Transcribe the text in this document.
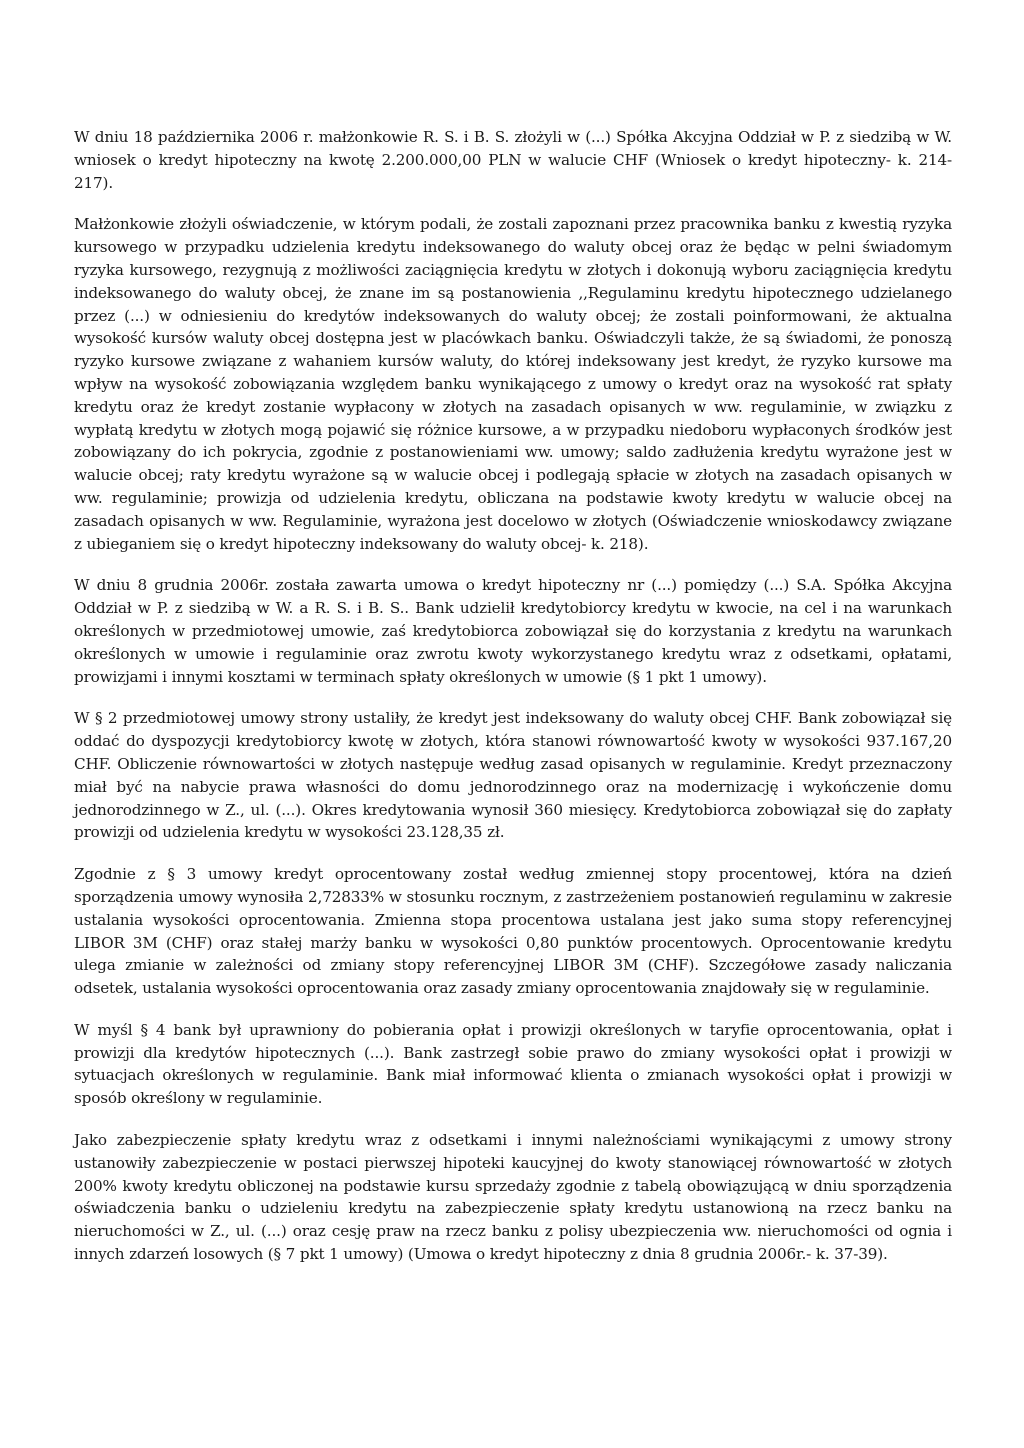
W dniu 18 października 2006 r. małżonkowie R. S. i B. S. złożyli w (...) Spółka Akcyjna Oddział w P. z siedzibą w W. wniosek o kredyt hipoteczny na kwotę 2.200.000,00 PLN w walucie CHF (Wniosek o kredyt hipoteczny- k. 214- 217).

Małżonkowie złożyli oświadczenie, w którym podali, że zostali zapoznani przez pracownika banku z kwestią ryzyka kursowego w przypadku udzielenia kredytu indeksowanego do waluty obcej oraz że będąc w pelni świadomym ryzyka kursowego, rezygnują z możliwości zaciągnięcia kredytu w złotych i dokonują wyboru zaciągnięcia kredytu indeksowanego do waluty obcej, że znane im są postanowienia ,,Regulaminu kredytu hipotecznego udzielanego przez (...) w odniesieniu do kredytów indeksowanych do waluty obcej; że zostali poinformowani, że aktualna wysokość kursów waluty obcej dostępna jest w placówkach banku. Oświadczyli także, że są świadomi, że ponoszą ryzyko kursowe związane z wahaniem kursów waluty, do której indeksowany jest kredyt, że ryzyko kursowe ma wpływ na wysokość zobowiązania względem banku wynikającego z umowy o kredyt oraz na wysokość rat spłaty kredytu oraz że kredyt zostanie wypłacony w złotych na zasadach opisanych w ww. regulaminie, w związku z wypłatą kredytu w złotych mogą pojawić się różnice kursowe, a w przypadku niedoboru wypłaconych środków jest zobowiązany do ich pokrycia, zgodnie z postanowieniami ww. umowy; saldo zadłużenia kredytu wyrażone jest w walucie obcej; raty kredytu wyrażone są w walucie obcej i podlegają spłacie w złotych na zasadach opisanych w ww. regulaminie; prowizja od udzielenia kredytu, obliczana na podstawie kwoty kredytu w walucie obcej na zasadach opisanych w ww. Regulaminie, wyrażona jest docelowo w złotych (Oświadczenie wnioskodawcy związane z ubieganiem się o kredyt hipoteczny indeksowany do waluty obcej- k. 218).

W dniu 8 grudnia 2006r. została zawarta umowa o kredyt hipoteczny nr (...) pomiędzy (...) S.A. Spółka Akcyjna Oddział w P. z siedzibą w W. a R. S. i B. S.. Bank udzielił kredytobiorcy kredytu w kwocie, na cel i na warunkach określonych w przedmiotowej umowie, zaś kredytobiorca zobowiązał się do korzystania z kredytu na warunkach określonych w umowie i regulaminie oraz zwrotu kwoty wykorzystanego kredytu wraz z odsetkami, opłatami, prowizjami i innymi kosztami w terminach spłaty określonych w umowie (§ 1 pkt 1 umowy).

W § 2 przedmiotowej umowy strony ustaliły, że kredyt jest indeksowany do waluty obcej CHF. Bank zobowiązał się oddać do dyspozycji kredytobiorcy kwotę w złotych, która stanowi równowartość kwoty w wysokości 937.167,20 CHF. Obliczenie równowartości w złotych następuje według zasad opisanych w regulaminie. Kredyt przeznaczony miał być na nabycie prawa własności do domu jednorodzinnego oraz na modernizację i wykończenie domu jednorodzinnego w Z., ul. (...). Okres kredytowania wynosił 360 miesięcy. Kredytobiorca zobowiązał się do zapłaty prowizji od udzielenia kredytu w wysokości 23.128,35 zł.

Zgodnie z § 3 umowy kredyt oprocentowany został według zmiennej stopy procentowej, która na dzień sporządzenia umowy wynosiła 2,72833% w stosunku rocznym, z zastrzeżeniem postanowień regulaminu w zakresie ustalania wysokości oprocentowania. Zmienna stopa procentowa ustalana jest jako suma stopy referencyjnej LIBOR 3M (CHF) oraz stałej marży banku w wysokości 0,80 punktów procentowych. Oprocentowanie kredytu ulega zmianie w zależności od zmiany stopy referencyjnej LIBOR 3M (CHF). Szczegółowe zasady naliczania odsetek, ustalania wysokości oprocentowania oraz zasady zmiany oprocentowania znajdowały się w regulaminie.

W myśl § 4 bank był uprawniony do pobierania opłat i prowizji określonych w taryfie oprocentowania, opłat i prowizji dla kredytów hipotecznych (...). Bank zastrzegł sobie prawo do zmiany wysokości opłat i prowizji w sytuacjach określonych w regulaminie. Bank miał informować klienta o zmianach wysokości opłat i prowizji w sposób określony w regulaminie.

Jako zabezpieczenie spłaty kredytu wraz z odsetkami i innymi należnościami wynikającymi z umowy strony ustanowiły zabezpieczenie w postaci pierwszej hipoteki kaucyjnej do kwoty stanowiącej równowartość w złotych 200% kwoty kredytu obliczonej na podstawie kursu sprzedaży zgodnie z tabelą obowiązującą w dniu sporządzenia oświadczenia banku o udzieleniu kredytu na zabezpieczenie spłaty kredytu ustanowioną na rzecz banku na nieruchomości w Z., ul. (...) oraz cesję praw na rzecz banku z polisy ubezpieczenia ww. nieruchomości od ognia i innych zdarzeń losowych (§ 7 pkt 1 umowy) (Umowa o kredyt hipoteczny z dnia 8 grudnia 2006r.- k. 37-39).
